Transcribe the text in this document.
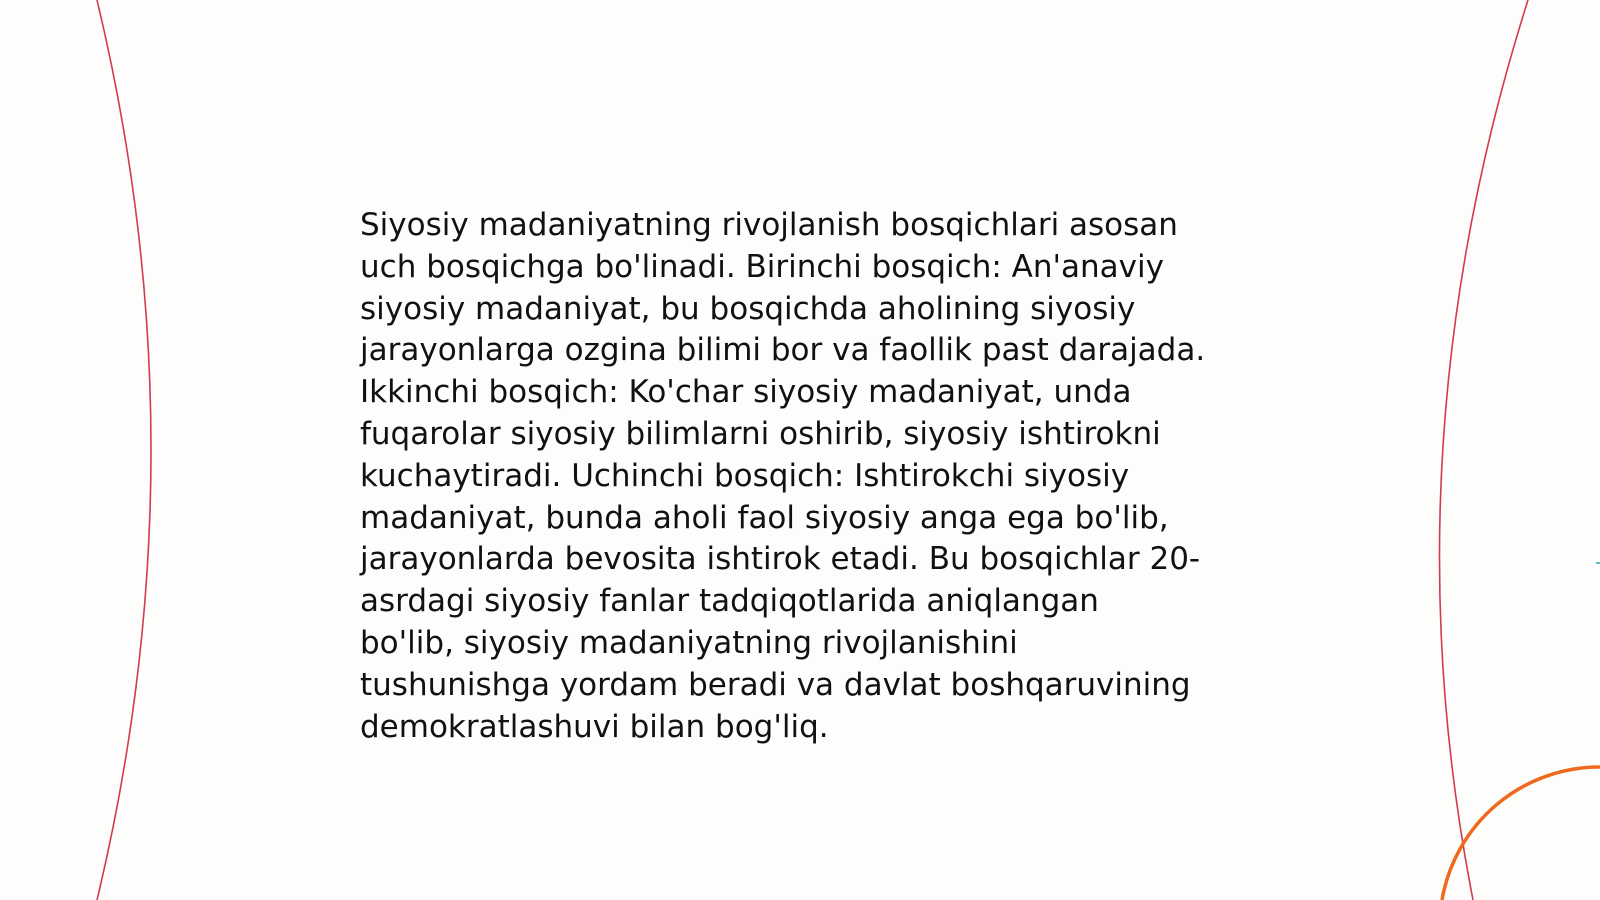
Siyosiy madaniyatning rivojlanish bosqichlari asosan
uch bosqichga bo'linadi. Birinchi bosqich: An'anaviy
siyosiy madaniyat, bu bosqichda aholining siyosiy
jarayonlarga ozgina bilimi bor va faollik past darajada.
Ikkinchi bosqich: Ko'char siyosiy madaniyat, unda
fuqarolar siyosiy bilimlarni oshirib, siyosiy ishtirokni
kuchaytiradi. Uchinchi bosqich: Ishtirokchi siyosiy
madaniyat, bunda aholi faol siyosiy anga ega bo'lib,
jarayonlarda bevosita ishtirok etadi. Bu bosqichlar 20-
asrdagi siyosiy fanlar tadqiqotlarida aniqlangan
bo'lib, siyosiy madaniyatning rivojlanishini
tushunishga yordam beradi va davlat boshqaruvining
demokratlashuvi bilan bog'liq.
